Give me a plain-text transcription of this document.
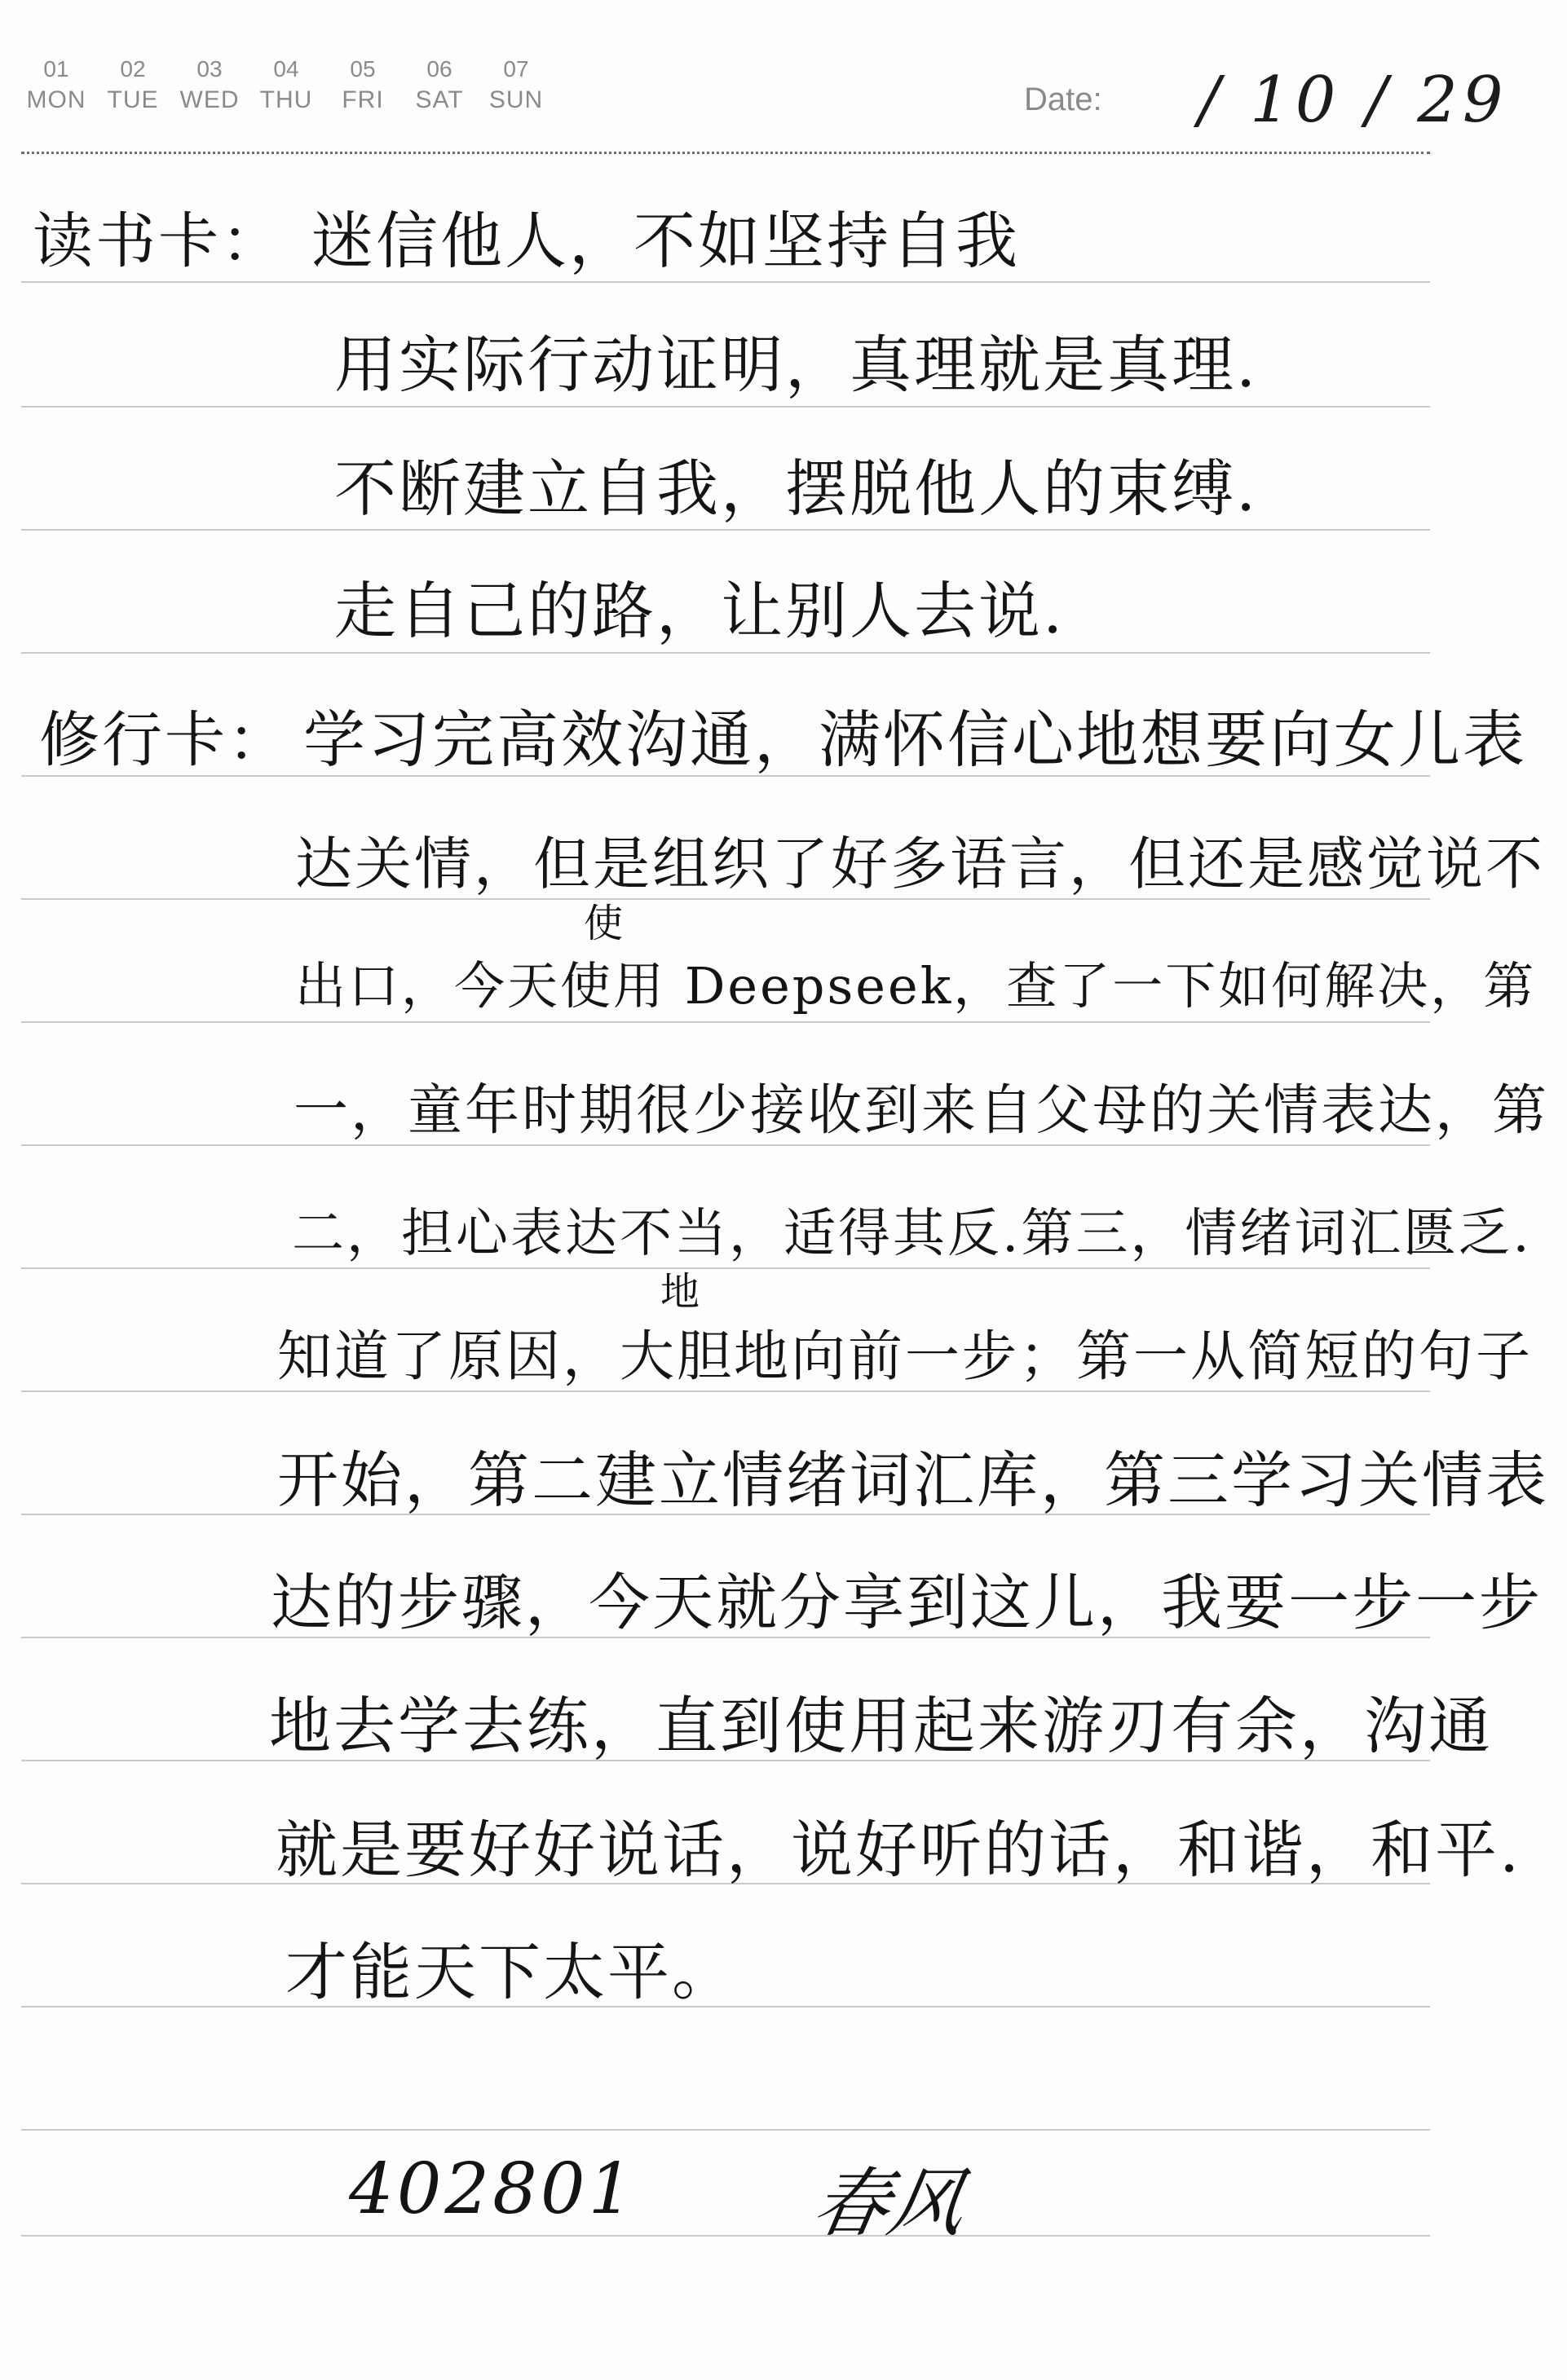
01
MON
02
TUE
03
WED
04
THU
05
FRI
06
SAT
07
SUN	Date: / 10 / 29
读书卡： 迷信他人，不如坚持自我
用实际行动证明，真理就是真理.
不断建立自我，摆脱他人的束缚.
走自己的路，让别人去说.
修行卡： 学习完高效沟通，满怀信心地想要向女儿表
达关情，但是组织了好多语言，但还是感觉说不
使
出口，今天使用 Deepseek，查了一下如何解决，第
一，童年时期很少接收到来自父母的关情表达，第
二，担心表达不当，适得其反.第三，情绪词汇匮乏.
地
知道了原因，大胆地向前一步；第一从简短的句子
开始，第二建立情绪词汇库，第三学习关情表
达的步骤，今天就分享到这儿，我要一步一步
地去学去练，直到使用起来游刃有余，沟通
就是要好好说话，说好听的话，和谐，和平.
才能天下太平。
402801 春风
